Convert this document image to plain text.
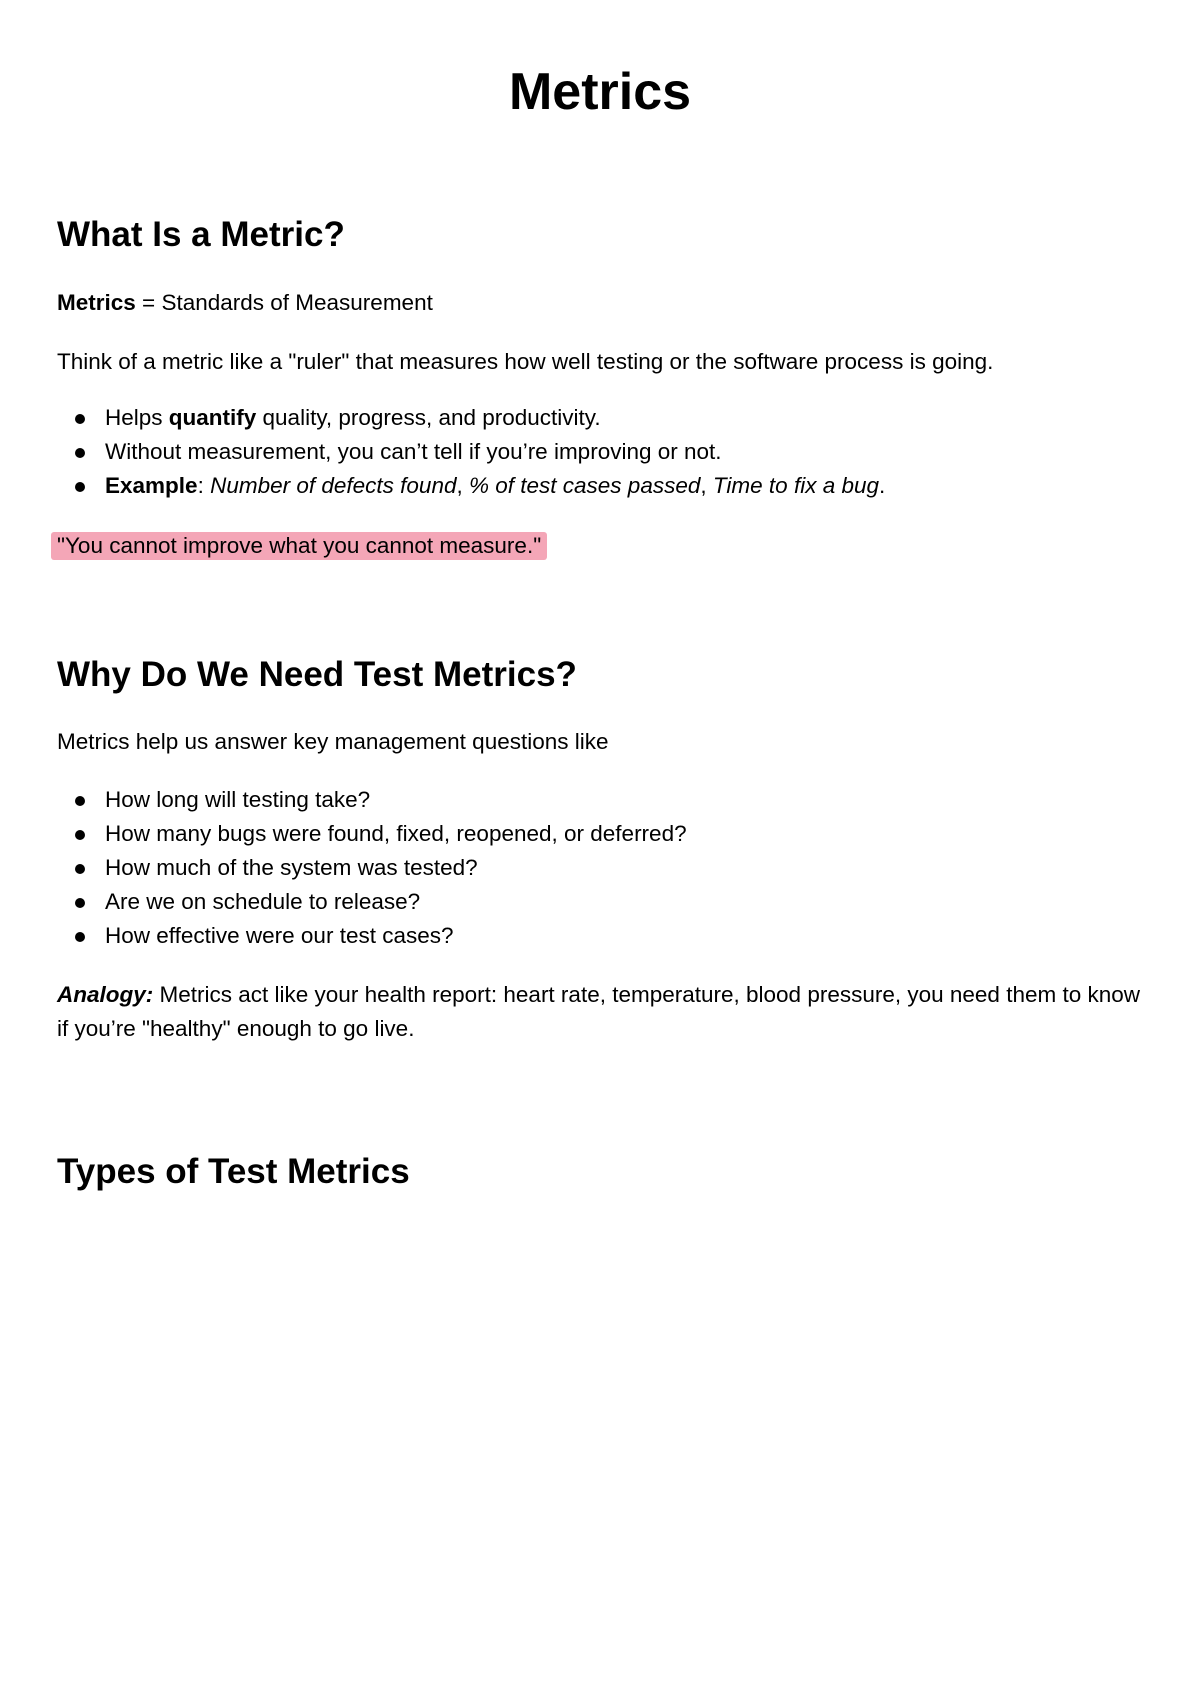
Metrics
What Is a Metric?

Metrics = Standards of Measurement

Think of a metric like a "ruler" that measures how well testing or the software process is going.

Helps quantify quality, progress, and productivity.
Without measurement, you can’t tell if you’re improving or not.
Example: Number of defects found, % of test cases passed, Time to fix a bug.
"You cannot improve what you cannot measure."
Why Do We Need Test Metrics?

Metrics help us answer key management questions like

How long will testing take?
How many bugs were found, fixed, reopened, or deferred?
How much of the system was tested?
Are we on schedule to release?
How effective were our test cases?

Analogy: Metrics act like your health report: heart rate, temperature, blood pressure, you need them to know if you’re "healthy" enough to go live.

Types of Test Metrics
